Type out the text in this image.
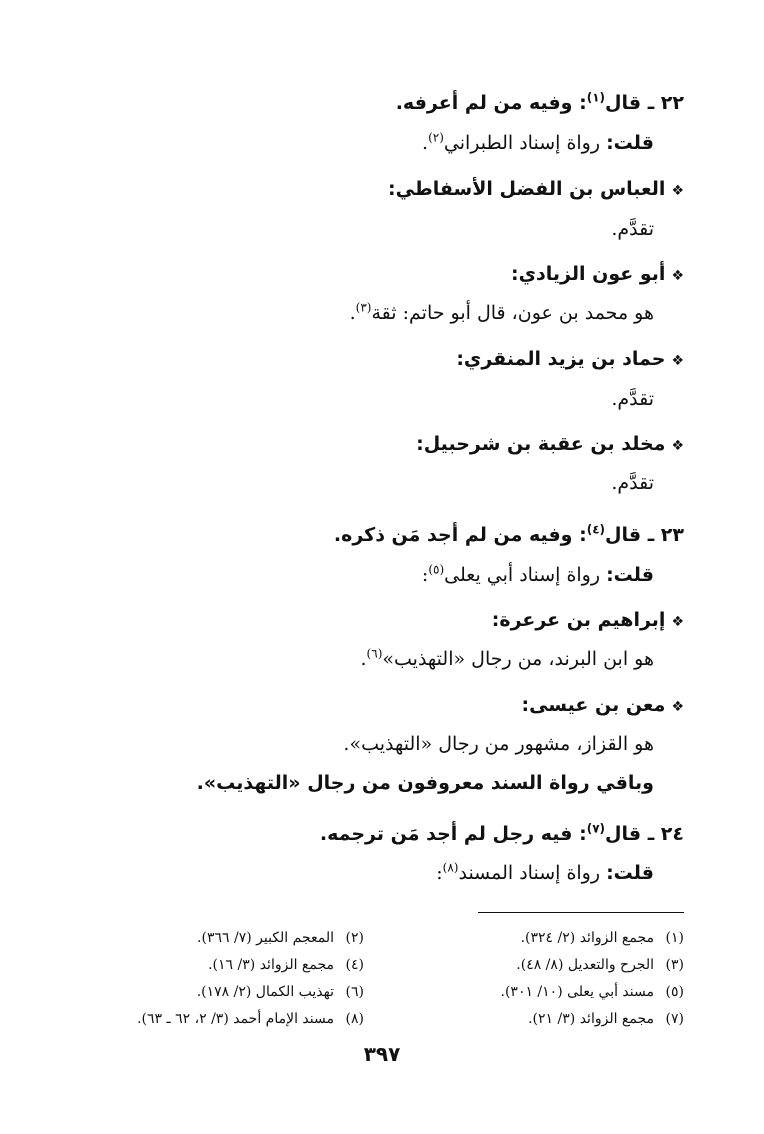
٢٢ ـ قال$^{(١)}$: وفيه من لم أعرفه.
قلت: رواة إسناد الطبراني$^{(٢)}$.
❖العباس بن الفضل الأسفاطي:
تقدَّم.
❖أبو عون الزيادي:
هو محمد بن عون، قال أبو حاتم: ثقة$^{(٣)}$.
❖حماد بن يزيد المنقري:
تقدَّم.
❖مخلد بن عقبة بن شرحبيل:
تقدَّم.
٢٣ ـ قال$^{(٤)}$: وفيه من لم أجد مَن ذكره.
قلت: رواة إسناد أبي يعلى$^{(٥)}$:
❖إبراهيم بن عرعرة:
هو ابن البرند، من رجال «التهذيب»$^{(٦)}$.
❖معن بن عيسى:
هو القزاز، مشهور من رجال «التهذيب».
وباقي رواة السند معروفون من رجال «التهذيب».
٢٤ ـ قال$^{(٧)}$: فيه رجل لم أجد مَن ترجمه.
قلت: رواة إسناد المسند$^{(٨)}$:
(١)مجمع الزوائد (٢/ ٣٢٤).
(٢)المعجم الكبير (٧/ ٣٦٦).
(٣)الجرح والتعديل (٨/ ٤٨).
(٤)مجمع الزوائد (٣/ ١٦).
(٥)مسند أبي يعلى (١٠/ ٣٠١).
(٦)تهذيب الكمال (٢/ ١٧٨).
(٧)مجمع الزوائد (٣/ ٢١).
(٨)مسند الإمام أحمد (٣/ ٢، ٦٢ ـ ٦٣).
٣٩٧
